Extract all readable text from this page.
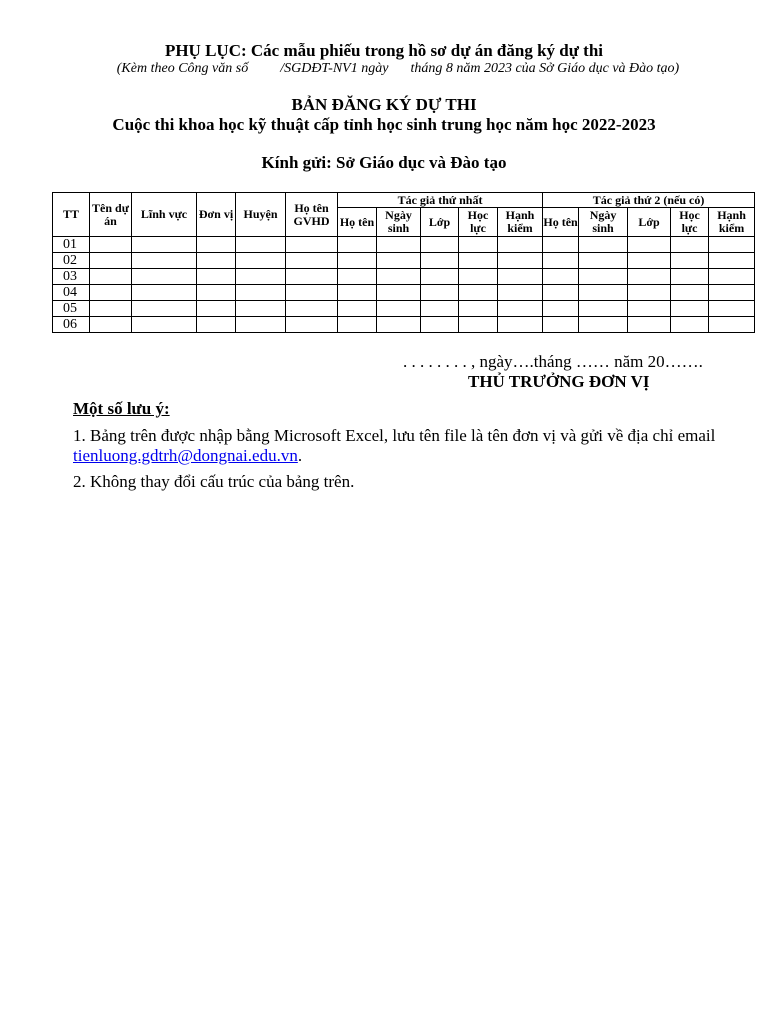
PHỤ LỤC: Các mẫu phiếu trong hồ sơ dự án đăng ký dự thi
(Kèm theo Công văn số /SGDĐT-NV1 ngày tháng 8 năm 2023 của Sở Giáo dục và Đào tạo)
BẢN ĐĂNG KÝ DỰ THI
Cuộc thi khoa học kỹ thuật cấp tỉnh học sinh trung học năm học 2022-2023
Kính gửi: Sở Giáo dục và Đào tạo
TT	Tên dự án	Lĩnh vực	Đơn vị	Huyện	Họ tên GVHD	Tác giả thứ nhất					Tác giả thứ 2 (nếu có)				
						Họ tên	Ngày sinh	Lớp	Học lực	Hạnh kiểm	Họ tên	Ngày sinh	Lớp	Học lực	Hạnh kiểm
01															
02															
03															
04															
05															
06															
. . . . . . . . , ngày….tháng …… năm 20…….
THỦ TRƯỞNG ĐƠN VỊ
Một số lưu ý:
1. Bảng trên được nhập bằng Microsoft Excel, lưu tên file là tên đơn vị và gửi về địa chỉ email tienluong.gdtrh@dongnai.edu.vn.
2. Không thay đổi cấu trúc của bảng trên.
